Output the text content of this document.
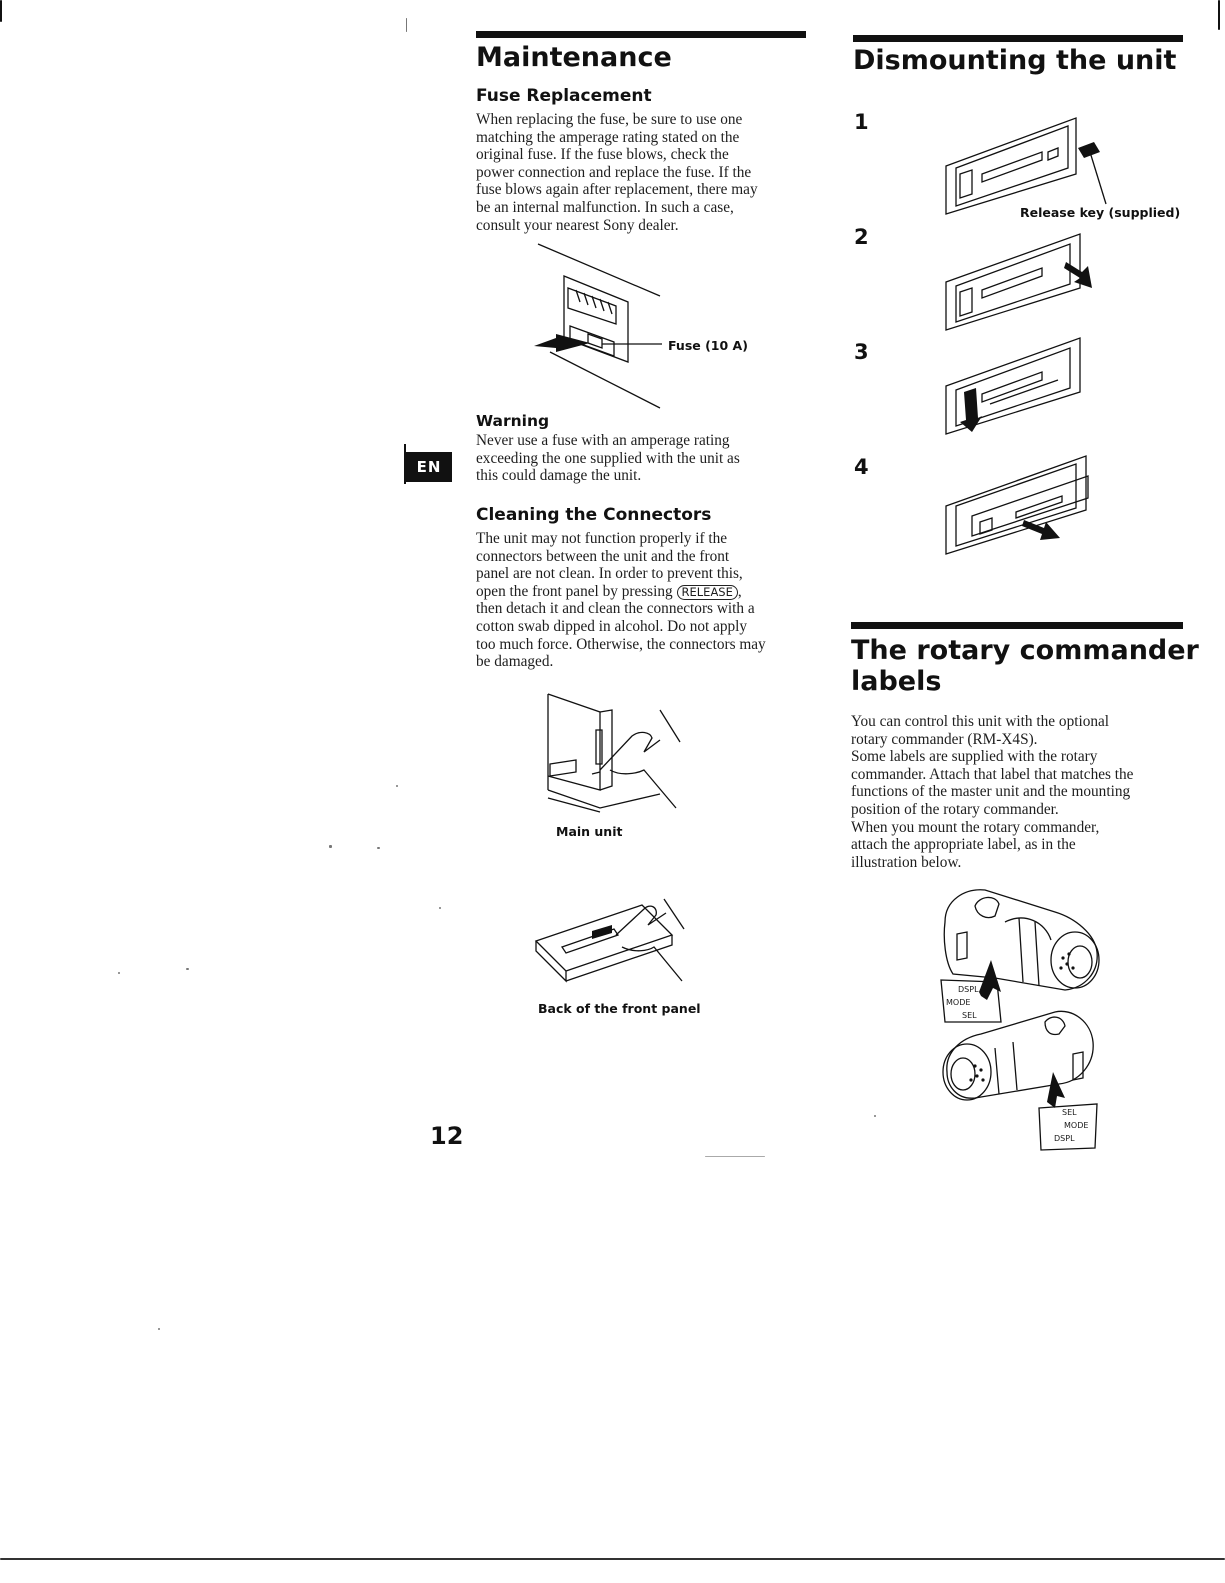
Maintenance
Fuse Replacement
When replacing the fuse, be sure to use one
matching the amperage rating stated on the
original fuse. If the fuse blows, check the
power connection and replace the fuse. If the
fuse blows again after replacement, there may
be an internal malfunction. In such a case,
consult your nearest Sony dealer.
Fuse (10 A)
Warning
Never use a fuse with an amperage rating
exceeding the one supplied with the unit as
this could damage the unit.
EN
Cleaning the Connectors
The unit may not function properly if the
connectors between the unit and the front
panel are not clean. In order to prevent this,
open the front panel by pressing RELEASE ,
then detach it and clean the connectors with a
cotton swab dipped in alcohol. Do not apply
too much force. Otherwise, the connectors may
be damaged.
Main unit
Back of the front panel
12
Dismounting the unit
1
Release key (supplied)
2
3
4
The rotary commander
labels
You can control this unit with the optional
rotary commander (RM-X4S).
Some labels are supplied with the rotary
commander. Attach that label that matches the
functions of the master unit and the mounting
position of the rotary commander.
When you mount the rotary commander,
attach the appropriate label, as in the
illustration below.
DSPL
MODE
SEL
SEL
MODE
DSPL
